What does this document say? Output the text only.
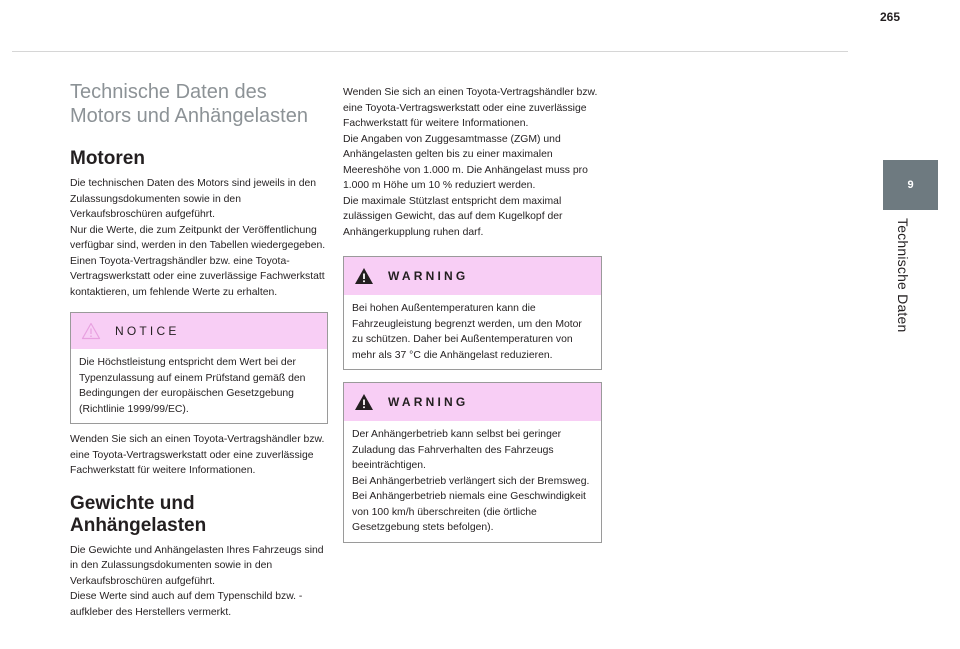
265
9
Technische Daten
Technische Daten des
Motors und Anhängelasten
Motoren

Die technischen Daten des Motors sind jeweils in den Zulassungsdokumenten sowie in den Verkaufsbroschüren aufgeführt.

Nur die Werte, die zum Zeitpunkt der Veröffentlichung verfügbar sind, werden in den Tabellen wiedergegeben.

Einen Toyota-Vertragshändler bzw. eine Toyota-Vertragswerkstatt oder eine zuverlässige Fachwerkstatt kontaktieren, um fehlende Werte zu erhalten.

NOTICE

Die Höchstleistung entspricht dem Wert bei der Typenzulassung auf einem Prüfstand gemäß den Bedingungen der europäischen Gesetzgebung (Richtlinie 1999/99/EC).

Wenden Sie sich an einen Toyota-Vertragshändler bzw. eine Toyota-Vertragswerkstatt oder eine zuverlässige Fachwerkstatt für weitere Informationen.

Gewichte und Anhängelasten

Die Gewichte und Anhängelasten Ihres Fahrzeugs sind in den Zulassungsdokumenten sowie in den Verkaufsbroschüren aufgeführt.

Diese Werte sind auch auf dem Typenschild bzw. -aufkleber des Herstellers vermerkt.

Wenden Sie sich an einen Toyota-Vertragshändler bzw. eine Toyota-Vertragswerkstatt oder eine zuverlässige Fachwerkstatt für weitere Informationen.

Die Angaben von Zuggesamtmasse (ZGM) und Anhängelasten gelten bis zu einer maximalen Meereshöhe von 1.000 m. Die Anhängelast muss pro 1.000 m Höhe um 10 % reduziert werden.

Die maximale Stützlast entspricht dem maximal zulässigen Gewicht, das auf dem Kugelkopf der Anhängerkupplung ruhen darf.

WARNING

Bei hohen Außentemperaturen kann die Fahrzeugleistung begrenzt werden, um den Motor zu schützen. Daher bei Außentemperaturen von mehr als 37 °C die Anhängelast reduzieren.

WARNING

Der Anhängerbetrieb kann selbst bei geringer Zuladung das Fahrverhalten des Fahrzeugs beeinträchtigen.

Bei Anhängerbetrieb verlängert sich der Bremsweg.

Bei Anhängerbetrieb niemals eine Geschwindigkeit von 100 km/h überschreiten (die örtliche Gesetzgebung stets befolgen).
